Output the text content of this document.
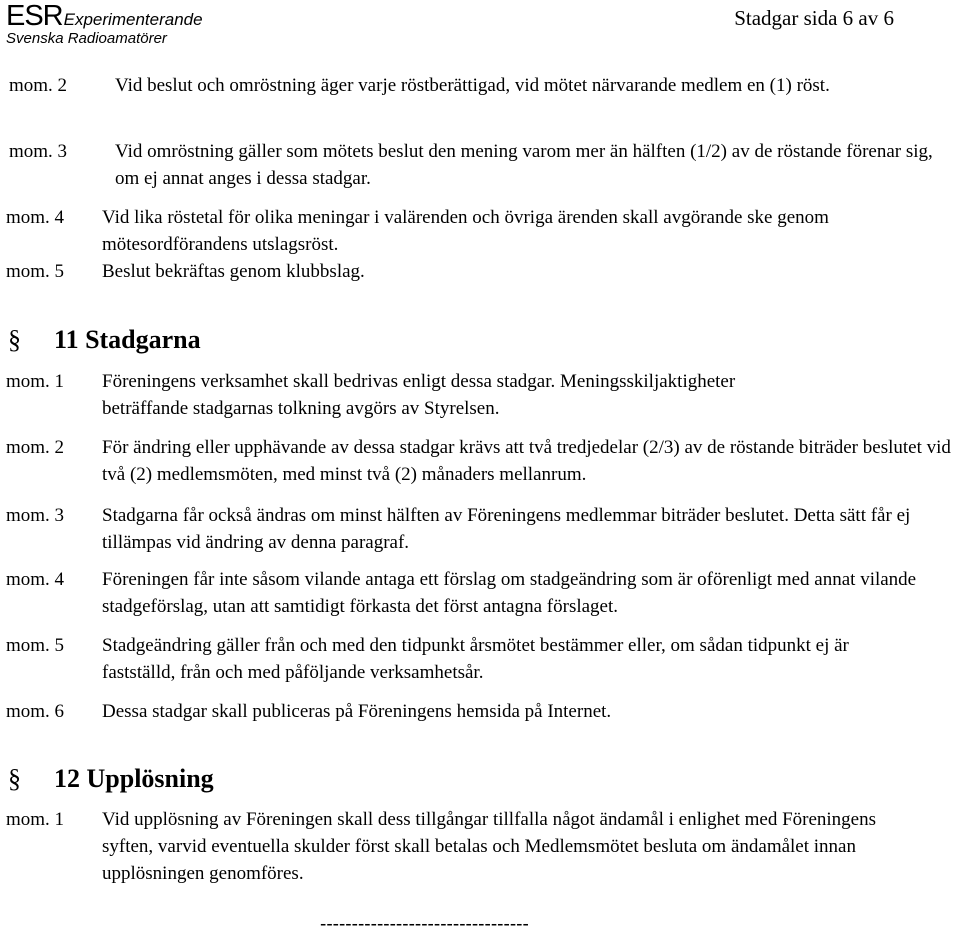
ESRExperimenterande
Svenska Radioamatörer
Stadgar sida 6 av 6
mom. 2	Vid beslut och omröstning äger varje röstberättigad, vid mötet närvarande medlem en (1) röst.
mom. 3	Vid omröstning gäller som mötets beslut den mening varom mer än hälften (1/2) av de röstande förenar sig, om ej annat anges i dessa stadgar.
mom. 4 Vid lika röstetal för olika meningar i valärenden och övriga ärenden skall avgörande ske genom mötesordförandens utslagsröst.
mom. 5 Beslut bekräftas genom klubbslag.
§ 11 Stadgarna
mom. 1 Föreningens verksamhet skall bedrivas enligt dessa stadgar. Meningsskiljaktigheter beträffande stadgarnas tolkning avgörs av Styrelsen.
mom. 2 För ändring eller upphävande av dessa stadgar krävs att två tredjedelar (2/3) av de röstande biträder beslutet vid två (2) medlemsmöten, med minst två (2) månaders mellanrum.
mom. 3 Stadgarna får också ändras om minst hälften av Föreningens medlemmar biträder beslutet. Detta sätt får ej tillämpas vid ändring av denna paragraf.
mom. 4 Föreningen får inte såsom vilande antaga ett förslag om stadgeändring som är oförenligt med annat vilande stadgeförslag, utan att samtidigt förkasta det först antagna förslaget.
mom. 5 Stadgeändring gäller från och med den tidpunkt årsmötet bestämmer eller, om sådan tidpunkt ej är fastställd, från och med påföljande verksamhetsår.
mom. 6 Dessa stadgar skall publiceras på Föreningens hemsida på Internet.
§ 12 Upplösning
mom. 1 Vid upplösning av Föreningen skall dess tillgångar tillfalla något ändamål i enlighet med Föreningens syften, varvid eventuella skulder först skall betalas och Medlemsmötet besluta om ändamålet innan upplösningen genomföres.
---------------------------------
